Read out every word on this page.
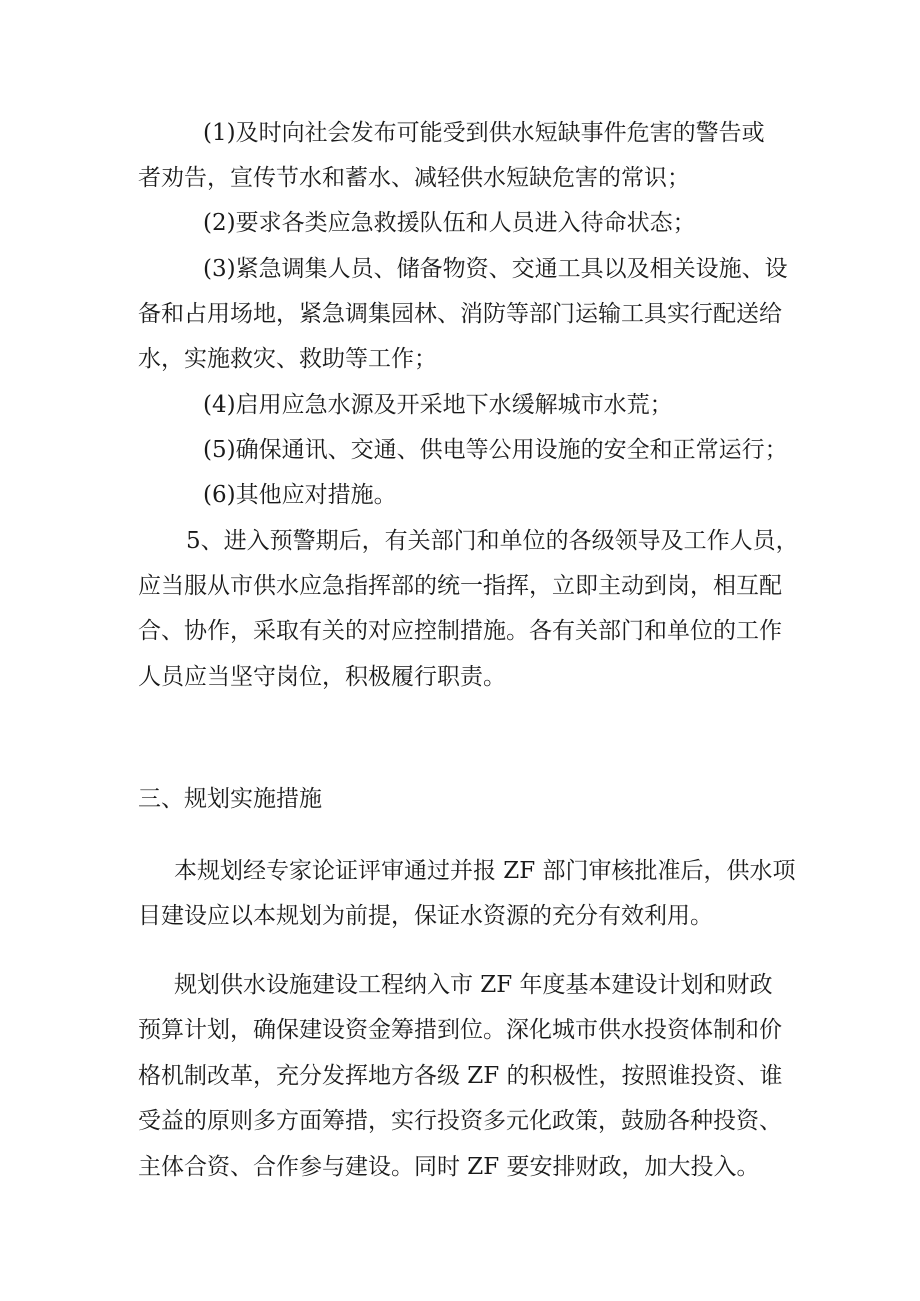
(1)及时向社会发布可能受到供水短缺事件危害的警告或
者劝告，宣传节水和蓄水、减轻供水短缺危害的常识；
(2)要求各类应急救援队伍和人员进入待命状态；
(3)紧急调集人员、储备物资、交通工具以及相关设施、设
备和占用场地，紧急调集园林、消防等部门运输工具实行配送给
水，实施救灾、救助等工作；
(4)启用应急水源及开采地下水缓解城市水荒；
(5)确保通讯、交通、供电等公用设施的安全和正常运行；
(6)其他应对措施。
5、进入预警期后，有关部门和单位的各级领导及工作人员，
应当服从市供水应急指挥部的统一指挥，立即主动到岗，相互配
合、协作，采取有关的对应控制措施。各有关部门和单位的工作
人员应当坚守岗位，积极履行职责。
三、规划实施措施
本规划经专家论证评审通过并报 ZF 部门审核批准后，供水项
目建设应以本规划为前提，保证水资源的充分有效利用。
规划供水设施建设工程纳入市 ZF 年度基本建设计划和财政
预算计划，确保建设资金筹措到位。深化城市供水投资体制和价
格机制改革，充分发挥地方各级 ZF 的积极性，按照谁投资、谁
受益的原则多方面筹措，实行投资多元化政策，鼓励各种投资、
主体合资、合作参与建设。同时 ZF 要安排财政，加大投入。
